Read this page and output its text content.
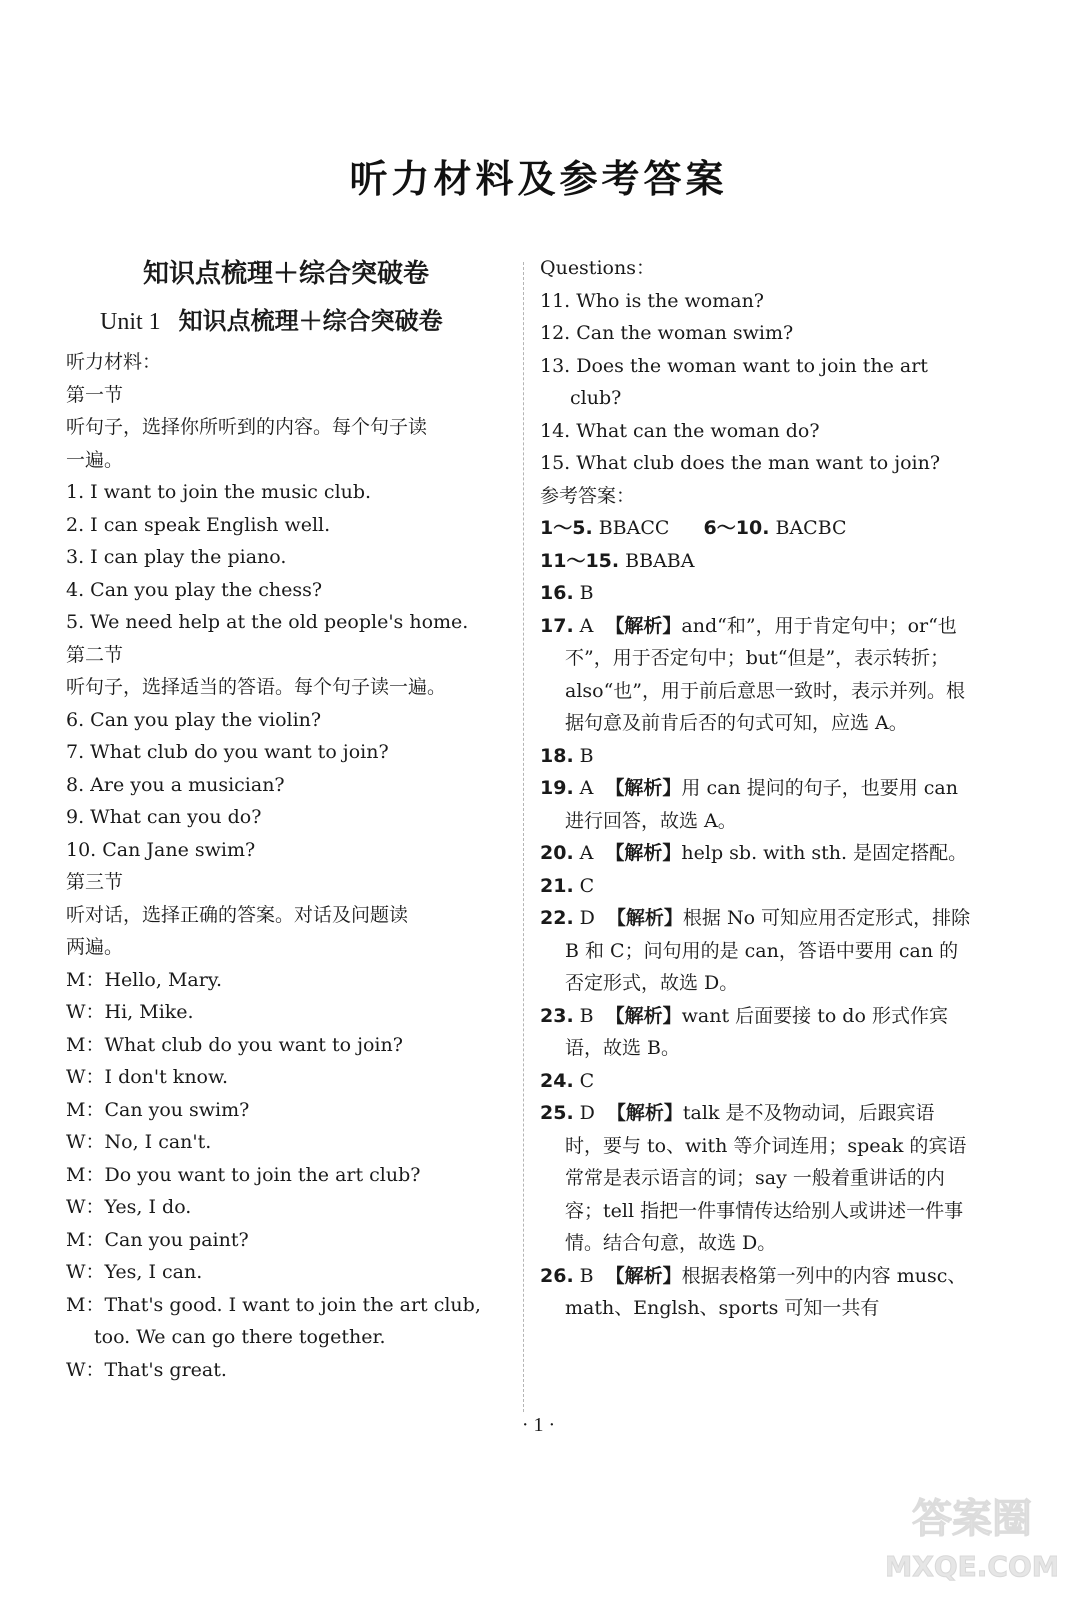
听力材料及参考答案
知识点梳理＋综合突破卷
Unit 1 知识点梳理＋综合突破卷
听力材料：
第一节
听句子，选择你所听到的内容。每个句子读
一遍。
1. I want to join the music club.
2. I can speak English well.
3. I can play the piano.
4. Can you play the chess?
5. We need help at the old people's home.
第二节
听句子，选择适当的答语。每个句子读一遍。
6. Can you play the violin?
7. What club do you want to join?
8. Are you a musician?
9. What can you do?
10. Can Jane swim?
第三节
听对话，选择正确的答案。对话及问题读
两遍。
M：Hello, Mary.
W：Hi, Mike.
M：What club do you want to join?
W：I don't know.
M：Can you swim?
W：No, I can't.
M：Do you want to join the art club?
W：Yes, I do.
M：Can you paint?
W：Yes, I can.
M：That's good. I want to join the art club,
too. We can go there together.
W：That's great.
Questions：
11. Who is the woman?
12. Can the woman swim?
13. Does the woman want to join the art club?
14. What can the woman do?
15. What club does the man want to join?
参考答案：
1～5. BBACC 6～10. BACBC
11～15. BBABA
16. B
17. A 【解析】and“和”，用于肯定句中；or“也不”，用于否定句中；but“但是”，表示转折；also“也”，用于前后意思一致时，表示并列。根据句意及前肯后否的句式可知，应选 A。
18. B
19. A 【解析】用 can 提问的句子，也要用 can 进行回答，故选 A。
20. A 【解析】help sb. with sth. 是固定搭配。
21. C
22. D 【解析】根据 No 可知应用否定形式，排除 B 和 C；问句用的是 can，答语中要用 can 的否定形式，故选 D。
23. B 【解析】want 后面要接 to do 形式作宾语，故选 B。
24. C
25. D 【解析】talk 是不及物动词，后跟宾语时，要与 to、with 等介词连用；speak 的宾语常常是表示语言的词；say 一般着重讲话的内容；tell 指把一件事情传达给别人或讲述一件事情。结合句意，故选 D。
26. B 【解析】根据表格第一列中的内容 musc、math、Englsh、sports 可知一共有
· 1 ·
答案圈
MXQE.COM
